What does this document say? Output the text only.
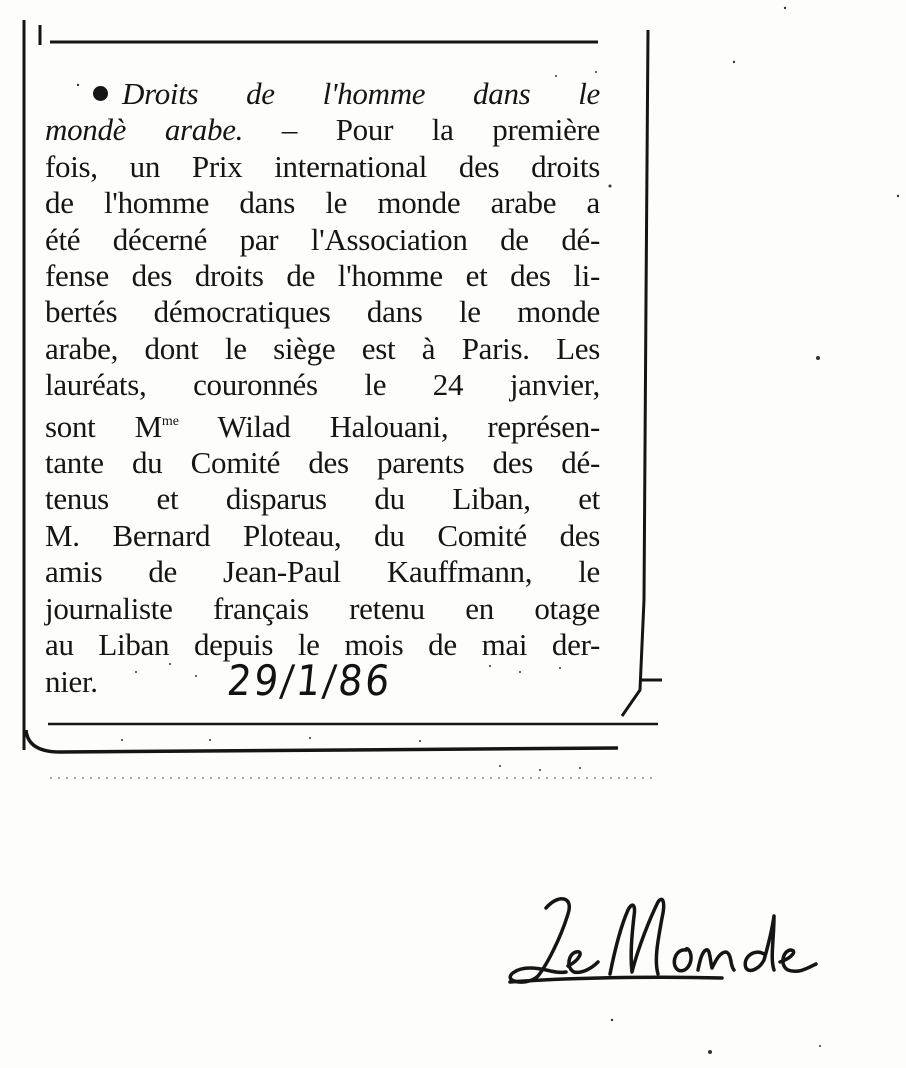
Droits de l'homme dans le
mondè arabe. – Pour la première
fois, un Prix international des droits
de l'homme dans le monde arabe a
été décerné par l'Association de dé-
fense des droits de l'homme et des li-
bertés démocratiques dans le monde
arabe, dont le siège est à Paris. Les
lauréats, couronnés le 24 janvier,
sont $M^{me}$ Wilad Halouani, représen-
tante du Comité des parents des dé-
tenus et disparus du Liban, et
M. Bernard Ploteau, du Comité des
amis de Jean-Paul Kauffmann, le
journaliste français retenu en otage
au Liban depuis le mois de mai der-
nier.	29/1/86
